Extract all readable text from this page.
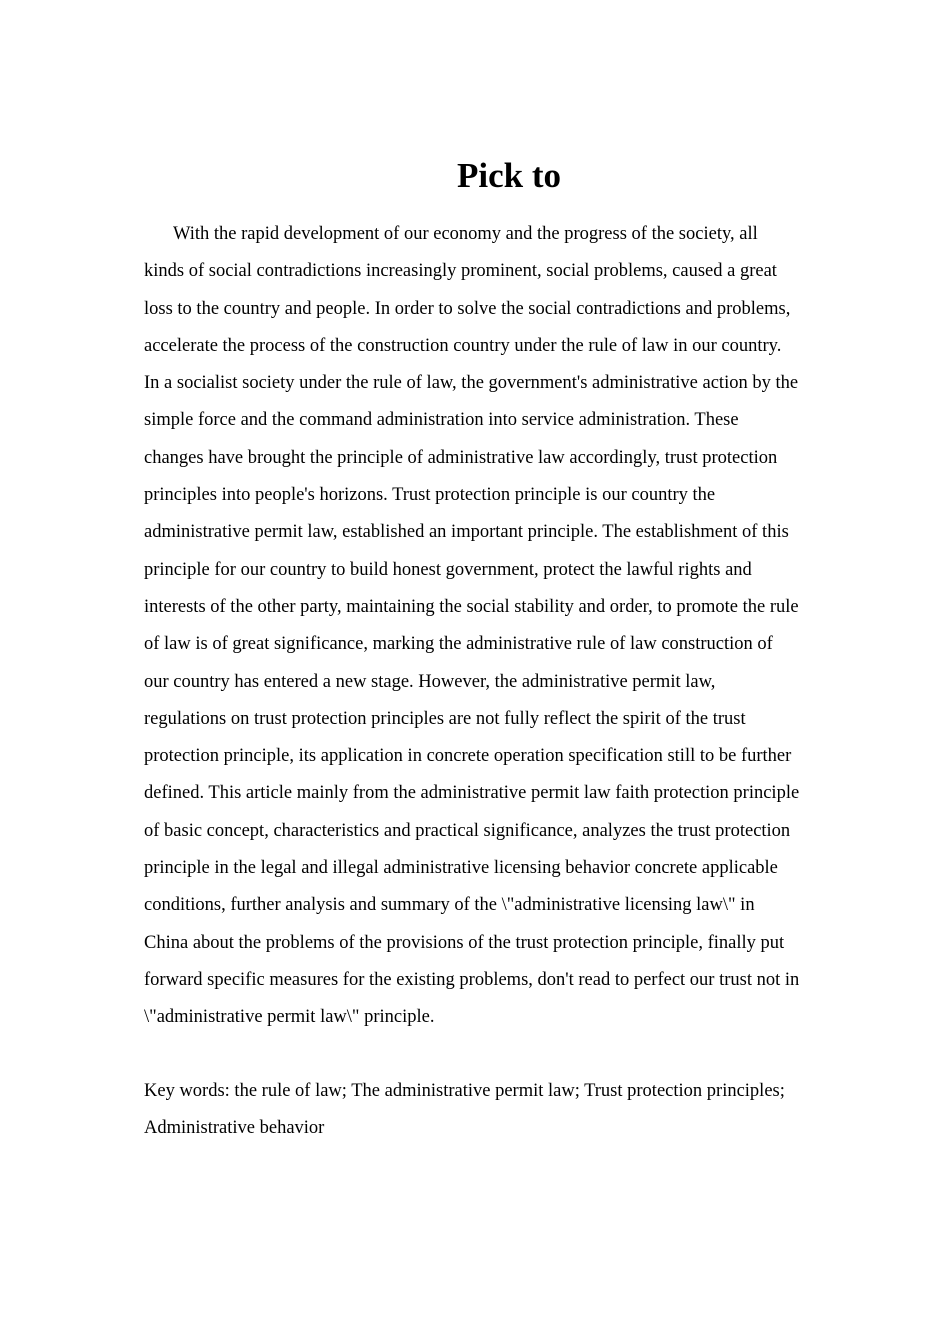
Pick to

With the rapid development of our economy and the progress of the society, all kinds of social contradictions increasingly prominent, social problems, caused a great loss to the country and people. In order to solve the social contradictions and problems, accelerate the process of the construction country under the rule of law in our country. In a socialist society under the rule of law, the government's administrative action by the simple force and the command administration into service administration. These changes have brought the principle of administrative law accordingly, trust protection principles into people's horizons. Trust protection principle is our country the administrative permit law, established an important principle. The establishment of this principle for our country to build honest government, protect the lawful rights and interests of the other party, maintaining the social stability and order, to promote the rule of law is of great significance, marking the administrative rule of law construction of our country has entered a new stage. However, the administrative permit law, regulations on trust protection principles are not fully reflect the spirit of the trust protection principle, its application in concrete operation specification still to be further defined. This article mainly from the administrative permit law faith protection principle of basic concept, characteristics and practical significance, analyzes the trust protection principle in the legal and illegal administrative licensing behavior concrete applicable conditions, further analysis and summary of the \"administrative licensing law\" in China about the problems of the provisions of the trust protection principle, finally put forward specific measures for the existing problems, don't read to perfect our trust not in \"administrative permit law\" principle.

Key words: the rule of law; The administrative permit law; Trust protection principles; Administrative behavior
